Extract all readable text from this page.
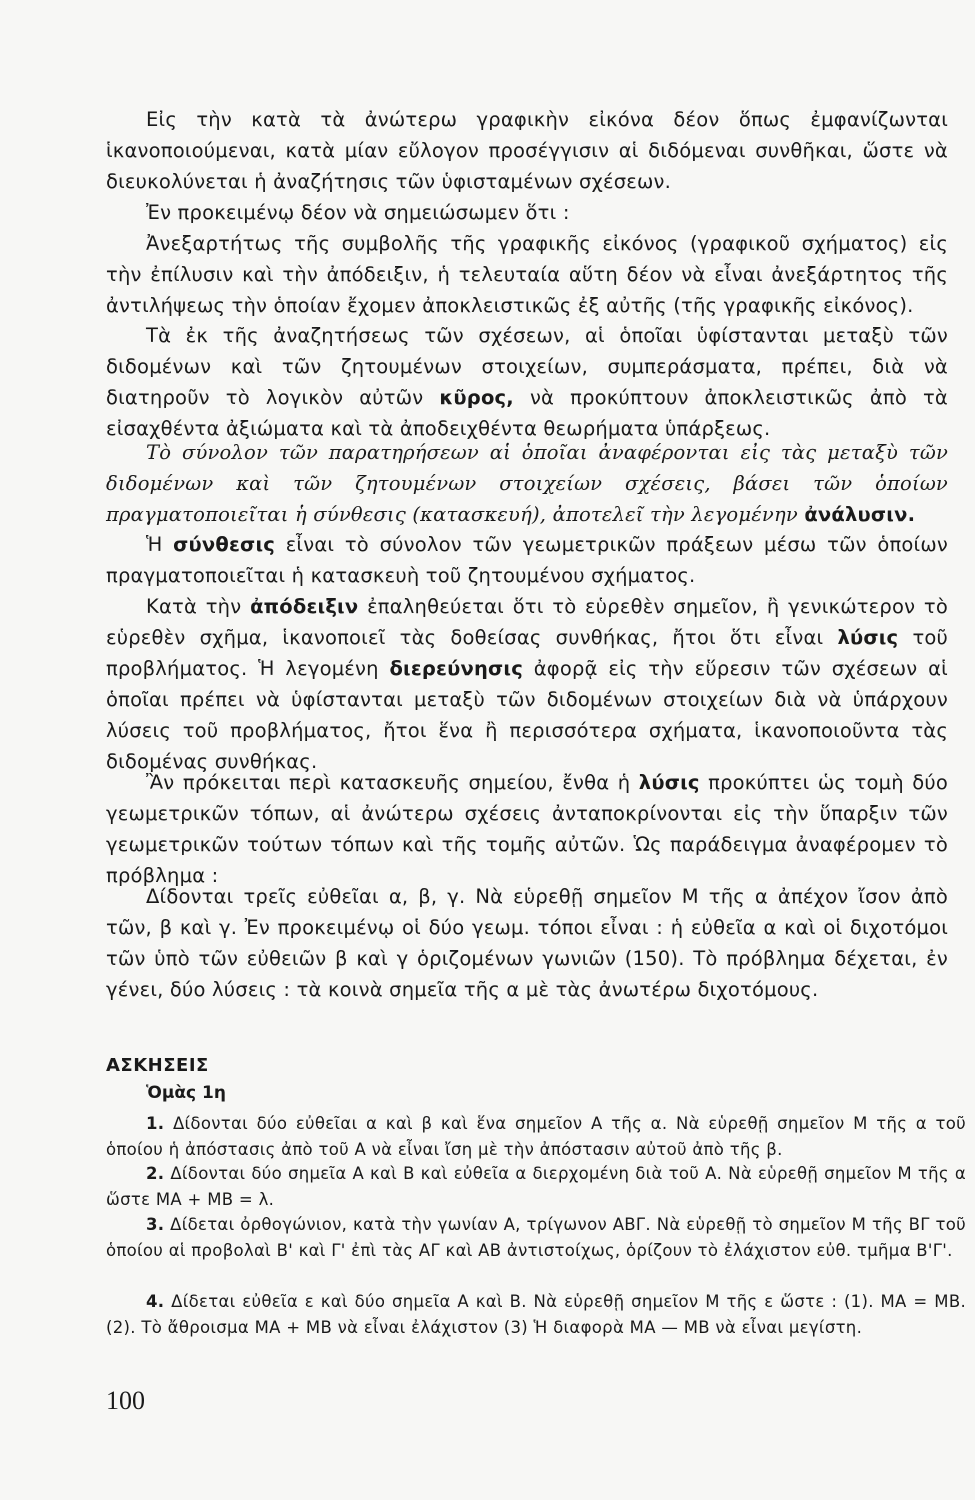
Εἰς τὴν κατὰ τὰ ἀνώτερω γραφικὴν εἰκόνα δέον ὅπως ἐμφανίζωνται ἱκανοποιούμεναι, κατὰ μίαν εὔλογον προσέγγισιν αἱ διδόμεναι συνθῆκαι, ὥστε νὰ διευκολύνεται ἡ ἀναζήτησις τῶν ὑφισταμένων σχέσεων.

Ἐν προκειμένῳ δέον νὰ σημειώσωμεν ὅτι :

Ἀνεξαρτήτως τῆς συμβολῆς τῆς γραφικῆς εἰκόνος (γραφικοῦ σχήματος) εἰς τὴν ἐπίλυσιν καὶ τὴν ἀπόδειξιν, ἡ τελευταία αὕτη δέον νὰ εἶναι ἀνεξάρτητος τῆς ἀντιλήψεως τὴν ὁποίαν ἔχομεν ἀποκλειστικῶς ἐξ αὐτῆς (τῆς γραφικῆς εἰκόνος).

Τὰ ἐκ τῆς ἀναζητήσεως τῶν σχέσεων, αἱ ὁποῖαι ὑφίστανται μεταξὺ τῶν διδομένων καὶ τῶν ζητουμένων στοιχείων, συμπεράσματα, πρέπει, διὰ νὰ διατηροῦν τὸ λογικὸν αὐτῶν κῦρος, νὰ προκύπτουν ἀποκλειστικῶς ἀπὸ τὰ εἰσαχθέντα ἀξιώματα καὶ τὰ ἀποδειχθέντα θεωρήματα ὑπάρξεως.

Τὸ σύνολον τῶν παρατηρήσεων αἱ ὁποῖαι ἀναφέρονται εἰς τὰς μεταξὺ τῶν διδομένων καὶ τῶν ζητουμένων στοιχείων σχέσεις, βάσει τῶν ὁποίων πραγματοποιεῖται ἡ σύνθεσις (κατασκευή), ἀποτελεῖ τὴν λεγομένην ἀνάλυσιν.

Ἡ σύνθεσις εἶναι τὸ σύνολον τῶν γεωμετρικῶν πράξεων μέσω τῶν ὁποίων πραγματοποιεῖται ἡ κατασκευὴ τοῦ ζητουμένου σχήματος.

Κατὰ τὴν ἀπόδειξιν ἐπαληθεύεται ὅτι τὸ εὑρεθὲν σημεῖον, ἢ γενικώτερον τὸ εὑρεθὲν σχῆμα, ἱκανοποιεῖ τὰς δοθείσας συνθήκας, ἤτοι ὅτι εἶναι λύσις τοῦ προβλήματος. Ἡ λεγομένη διερεύνησις ἀφορᾷ εἰς τὴν εὕρεσιν τῶν σχέσεων αἱ ὁποῖαι πρέπει νὰ ὑφίστανται μεταξὺ τῶν διδομένων στοιχείων διὰ νὰ ὑπάρχουν λύσεις τοῦ προβλήματος, ἤτοι ἕνα ἢ περισσότερα σχήματα, ἱκανοποιοῦντα τὰς διδομένας συνθήκας.

Ἂν πρόκειται περὶ κατασκευῆς σημείου, ἔνθα ἡ λύσις προκύπτει ὡς τομὴ δύο γεωμετρικῶν τόπων, αἱ ἀνώτερω σχέσεις ἀνταποκρίνονται εἰς τὴν ὕπαρξιν τῶν γεωμετρικῶν τούτων τόπων καὶ τῆς τομῆς αὐτῶν. Ὡς παράδειγμα ἀναφέρομεν τὸ πρόβλημα :

Δίδονται τρεῖς εὐθεῖαι α, β, γ. Νὰ εὑρεθῇ σημεῖον Μ τῆς α ἀπέχον ἴσον ἀπὸ τῶν, β καὶ γ. Ἐν προκειμένῳ οἱ δύο γεωμ. τόποι εἶναι : ἡ εὐθεῖα α καὶ οἱ διχοτόμοι τῶν ὑπὸ τῶν εὐθειῶν β καὶ γ ὁριζομένων γωνιῶν (150). Τὸ πρόβλημα δέχεται, ἐν γένει, δύο λύσεις : τὰ κοινὰ σημεῖα τῆς α μὲ τὰς ἀνωτέρω διχοτόμους.

ΑΣΚΗΣΕΙΣ
Ὁμὰς 1η

1. Δίδονται δύο εὐθεῖαι α καὶ β καὶ ἕνα σημεῖον Α τῆς α. Νὰ εὑρεθῇ σημεῖον Μ τῆς α τοῦ ὁποίου ἡ ἀπόστασις ἀπὸ τοῦ Α νὰ εἶναι ἴση μὲ τὴν ἀπόστασιν αὐτοῦ ἀπὸ τῆς β.

2. Δίδονται δύο σημεῖα Α καὶ Β καὶ εὐθεῖα α διερχομένη διὰ τοῦ Α. Νὰ εὑρεθῇ σημεῖον Μ τῆς α ὥστε ΜΑ + ΜΒ = λ.

3. Δίδεται ὀρθογώνιον, κατὰ τὴν γωνίαν Α, τρίγωνον ΑΒΓ. Νὰ εὑρεθῇ τὸ σημεῖον Μ τῆς ΒΓ τοῦ ὁποίου αἱ προβολαὶ Β' καὶ Γ' ἐπὶ τὰς ΑΓ καὶ ΑΒ ἀντιστοίχως, ὁρίζουν τὸ ἐλάχιστον εὐθ. τμῆμα Β'Γ'.

4. Δίδεται εὐθεῖα ε καὶ δύο σημεῖα Α καὶ Β. Νὰ εὑρεθῇ σημεῖον Μ τῆς ε ὥστε : (1). ΜΑ = ΜΒ. (2). Τὸ ἄθροισμα ΜΑ + ΜΒ νὰ εἶναι ἐλάχιστον (3) Ἡ διαφορὰ ΜΑ — ΜΒ νὰ εἶναι μεγίστη.

100
